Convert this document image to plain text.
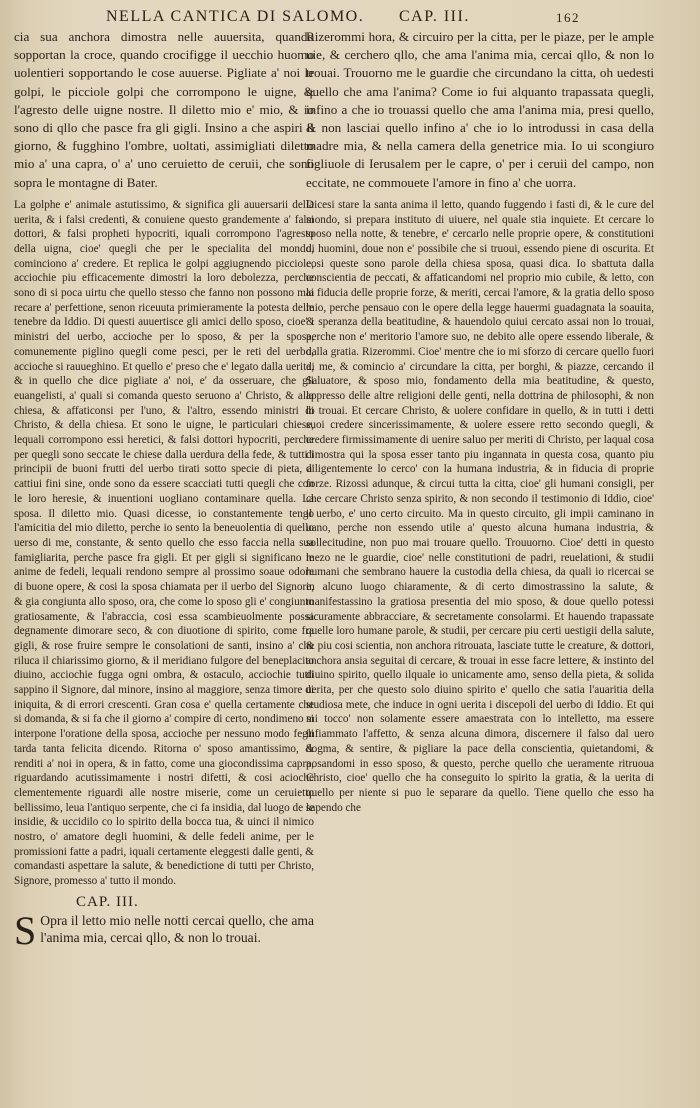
NELLA CANTICA DI SALOMO. CAP. III.	162

cia sua anchora dimostra nelle auuersita, quando sopportan la croce, quando crocifigge il uecchio huomo uolentieri sopportando le cose auuerse. Pigliate a' noi le golpi, le picciole golpi che corrompono le uigne, & l'agresto delle uigne nostre. Il diletto mio e' mio, & io sono di qllo che pasce fra gli gigli. Insino a che aspiri il giorno, & fugghino l'ombre, uoltati, assimigliati diletto mio a' una capra, o' a' uno ceruietto de ceruii, che sono sopra le montagne di Bater.

La golphe e' animale astutissimo, & significa gli auuersarii della uerita, & i falsi credenti, & conuiene questo grandemente a' falsi dottori, & falsi propheti hypocriti, iquali corrompono l'agresto della uigna, cioe' quegli che per le specialita del mondo, cominciono a' credere. Et replica le golpi aggiugnendo picciole, acciochie piu efficacemente dimostri la loro debolezza, perche sono di si poca uirtu che quello stesso che fanno non possono mai recare a' perfettione, senon riceuuta primieramente la potesta delle tenebre da Iddio. Di questi auuertisce gli amici dello sposo, cioe' i ministri del uerbo, accioche per lo sposo, & per la sposa, comunemente piglino quegli come pesci, per le reti del uerbo, accioche si rauueghino. Et quello e' preso che e' legato dalla uerita, & in quello che dice pigliate a' noi, e' da osseruare, che gli euangelisti, a' quali si comanda questo seruono a' Christo, & alla chiesa, & affaticonsi per l'uno, & l'altro, essendo ministri di Christo, & della chiesa. Et sono le uigne, le particulari chiese, lequali corrompono essi heretici, & falsi dottori hypocriti, perche per quegli sono seccate le chiese dalla uerdura della fede, & tutti i principii de buoni frutti del uerbo tirati sotto specie di pieta, a' cattiui fini sine, onde sono da essere scacciati tutti quegli che con le loro heresie, & inuentioni uogliano contaminare quella. La sposa. Il diletto mio. Quasi dicesse, io constantemente tengo l'amicitia del mio diletto, perche io sento la beneuolentia di quello uerso di me, constante, & sento quello che esso faccia nella sua famigliarita, perche pasce fra gigli. Et per gigli si significano le anime de fedeli, lequali rendono sempre al prossimo soaue odore di buone opere, & cosi la sposa chiamata per il uerbo del Signore, & gia congiunta allo sposo, ora, che come lo sposo gli e' congiunto gratiosamente, & l'abraccia, cosi essa scambieuolmente possa degnamente dimorare seco, & con diuotione di spirito, come fra gigli, & rose fruire sempre le consolationi de santi, insino a' che riluca il chiarissimo giorno, & il meridiano fulgore del beneplacito diuino, acciochie fugga ogni ombra, & ostaculo, acciochie tutti sappino il Signore, dal minore, insino al maggiore, senza timore di iniquita, & di errori crescenti. Gran cosa e' quella certamente che si domanda, & si fa che il giorno a' compire di certo, nondimeno si interpone l'oratione della sposa, accioche per nessuno modo fegli tarda tanta felicita dicendo. Ritorna o' sposo amantissimo, & renditi a' noi in opera, & in fatto, come una giocondissima capra, riguardando acutissimamente i nostri difetti, & cosi acioche clementemente riguardi alle nostre miserie, come un ceruietto bellissimo, leua l'antiquo serpente, che ci fa insidia, dal luogo de le insidie, & uccidilo co lo spirito della bocca tua, & uinci il nimico nostro, o' amatore degli huomini, & delle fedeli anime, per le promissioni fatte a padri, iquali certamente eleggesti dalle genti, & comandasti aspettare la salute, & benedictione di tutti per Christo, Signore, promesso a' tutto il mondo.

CAP. III.

S Opra il letto mio nelle notti cercai quello, che ama l'anima mia, cercai qllo, & non lo trouai.

Rizerommi hora, & circuiro per la citta, per le piaze, per le ample uie, & cerchero qllo, che ama l'anima mia, cercai qllo, & non lo trouai. Trouorno me le guardie che circundano la citta, oh uedesti quello che ama l'anima? Come io fui alquanto trapassata quegli, infino a che io trouassi quello che ama l'anima mia, presi quello, & non lasciai quello infino a' che io lo introdussi in casa della madre mia, & nella camera della genetrice mia. Io ui scongiuro figliuole di Ierusalem per le capre, o' per i ceruii del campo, non eccitate, ne commouete l'amore in fino a' che uorra.

Dicesi stare la santa anima il letto, quando fuggendo i fasti di, & le cure del mondo, si prepara instituto di uiuere, nel quale stia inquiete. Et cercare lo sposo nella notte, & tenebre, e' cercarlo nelle proprie opere, & constitutioni di huomini, doue non e' possibile che si truoui, essendo piene di oscurita. Et cosi queste sono parole della chiesa sposa, quasi dica. Io sbattuta dalla conscientia de peccati, & affaticandomi nel proprio mio cubile, & letto, con la fiducia delle proprie forze, & meriti, cercai l'amore, & la gratia dello sposo mio, perche pensauo con le opere della legge hauermi guadagnata la soauita, & speranza della beatitudine, & hauendolo quiui cercato assai non lo trouai, perche non e' meritorio l'amore suo, ne debito alle opere essendo liberale, & dalla gratia. Rizerommi. Cioe' mentre che io mi sforzo di cercare quello fuori di me, & comincio a' circundare la citta, per borghi, & piazze, cercando il Saluatore, & sposo mio, fondamento della mia beatitudine, & questo, appresso delle altre religioni delle genti, nella dottrina de philosophi, & non lo trouai. Et cercare Christo, & uolere confidare in quello, & in tutti i detti suoi credere sincerissimamente, & uolere essere retto secondo quegli, & credere firmissimamente di uenire saluo per meriti di Christo, per laqual cosa dimostra qui la sposa esser tanto piu ingannata in questa cosa, quanto piu diligentemente lo cerco' con la humana industria, & in fiducia di proprie forze. Rizossi adunque, & circui tutta la citta, cioe' gli humani consigli, per che cercare Christo senza spirito, & non secondo il testimonio di Iddio, cioe' il uerbo, e' uno certo circuito. Ma in questo circuito, gli impii caminano in uano, perche non essendo utile a' questo alcuna humana industria, & sollecitudine, non puo mai trouare quello. Trouuorno. Cioe' detti in questo mezo ne le guardie, cioe' nelle constitutioni de padri, reuelationi, & studii humani che sembrano hauere la custodia della chiesa, da quali io ricercai se in alcuno luogo chiaramente, & di certo dimostrassino la salute, & manifestassino la gratiosa presentia del mio sposo, & doue quello potessi sicuramente abbracciare, & secretamente consolarmi. Et hauendo trapassate quelle loro humane parole, & studii, per cercare piu certi uestigii della salute, & piu cosi scientia, non anchora ritrouata, lasciate tutte le creature, & dottori, anchora ansia seguitai di cercare, & trouai in esse facre lettere, & instinto del diuino spirito, quello ilquale io unicamente amo, senso della pieta, & solida uerita, per che questo solo diuino spirito e' quello che satia l'auaritia della studiosa mete, che induce in ogni uerita i discepoli del uerbo di Iddio. Et qui mi tocco' non solamente essere amaestrata con lo intelletto, ma essere infiammato l'affetto, & senza alcuna dimora, discernere il falso dal uero dogma, & sentire, & pigliare la pace della conscientia, quietandomi, & posandomi in esso sposo, & questo, perche quello che ueramente ritruoua Christo, cioe' quello che ha conseguito lo spirito la gratia, & la uerita di quello per niente si puo le separare da quello. Tiene quello che esso ha sapendo che
